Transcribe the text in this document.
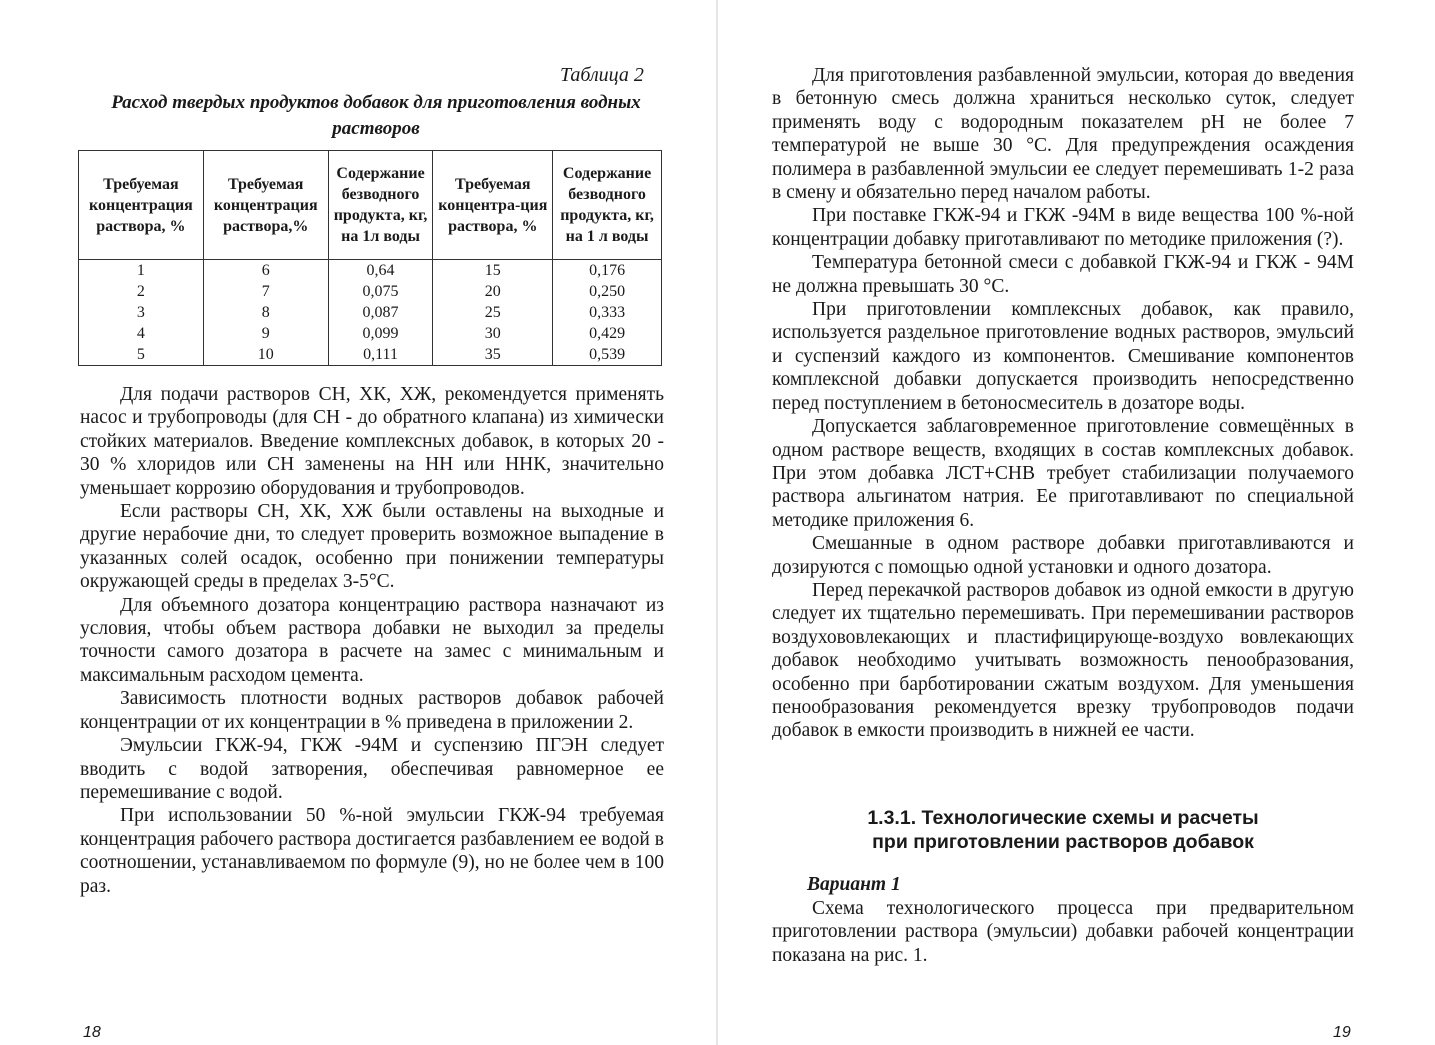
Таблица 2
Расход твердых продуктов добавок для приготовления водных растворов
Требуемая концентрация раствора, %	Требуемая концентрация раствора,%	Содержание безводного продукта, кг, на 1л воды	Требуемая концентра-ция раствора, %	Содержание безводного продукта, кг, на 1 л воды
1	6	0,64	15	0,176
2	7	0,075	20	0,250
3	8	0,087	25	0,333
4	9	0,099	30	0,429
5	10	0,111	35	0,539

Для подачи растворов СН, ХК, ХЖ, рекомендуется применять насос и трубопроводы (для СН - до обратного клапана) из химически стойких материалов. Введение комплексных добавок, в которых 20 - 30 % хлоридов или СН заменены на НН или ННК, значительно уменьшает коррозию оборудования и трубопроводов.

Если растворы СН, ХК, ХЖ были оставлены на выходные и другие нерабочие дни, то следует проверить возможное выпадение в указанных солей осадок, особенно при понижении температуры окружающей среды в пределах 3-5°С.

Для объемного дозатора концентрацию раствора назначают из условия, чтобы объем раствора добавки не выходил за пределы точности самого дозатора в расчете на замес с минимальным и максимальным расходом цемента.

Зависимость плотности водных растворов добавок рабочей концентрации от их концентрации в % приведена в приложении 2.

Эмульсии ГКЖ-94, ГКЖ -94М и суспензию ПГЭН следует вводить с водой затворения, обеспечивая равномерное ее перемешивание с водой.

При использовании 50 %-ной эмульсии ГКЖ-94 требуемая концентрация рабочего раствора достигается разбавлением ее водой в соотношении, устанавливаемом по формуле (9), но не более чем в 100 раз.

18

Для приготовления разбавленной эмульсии, которая до введения в бетонную смесь должна храниться несколько суток, следует применять воду с водородным показателем рН не более 7 температурой не выше 30 °С. Для предупреждения осаждения полимера в разбавленной эмульсии ее следует перемешивать 1-2 раза в смену и обязательно перед началом работы.

При поставке ГКЖ-94 и ГКЖ -94М в виде вещества 100 %-ной концентрации добавку приготавливают по методике приложения (?).

Температура бетонной смеси с добавкой ГКЖ-94 и ГКЖ - 94М не должна превышать 30 °С.

При приготовлении комплексных добавок, как правило, используется раздельное приготовление водных растворов, эмульсий и суспензий каждого из компонентов. Смешивание компонентов комплексной добавки допускается производить непосредственно перед поступлением в бетоносмеситель в дозаторе воды.

Допускается заблаговременное приготовление совмещённых в одном растворе веществ, входящих в состав комплексных добавок. При этом добавка ЛСТ+СНВ требует стабилизации получаемого раствора альгинатом натрия. Ее приготавливают по специальной методике приложения 6.

Смешанные в одном растворе добавки приготавливаются и дозируются с помощью одной установки и одного дозатора.

Перед перекачкой растворов добавок из одной емкости в другую следует их тщательно перемешивать. При перемешивании растворов воздухововлекающих и пластифицирующе-воздухо вовлекающих добавок необходимо учитывать возможность пенообразования, особенно при барботировании сжатым воздухом. Для уменьшения пенообразования рекомендуется врезку трубопроводов подачи добавок в емкости производить в нижней ее части.

1.3.1. Технологические схемы и расчеты
при приготовлении растворов добавок
Вариант 1

Схема технологического процесса при предварительном приготовлении раствора (эмульсии) добавки рабочей концентрации показана на рис. 1.

19
